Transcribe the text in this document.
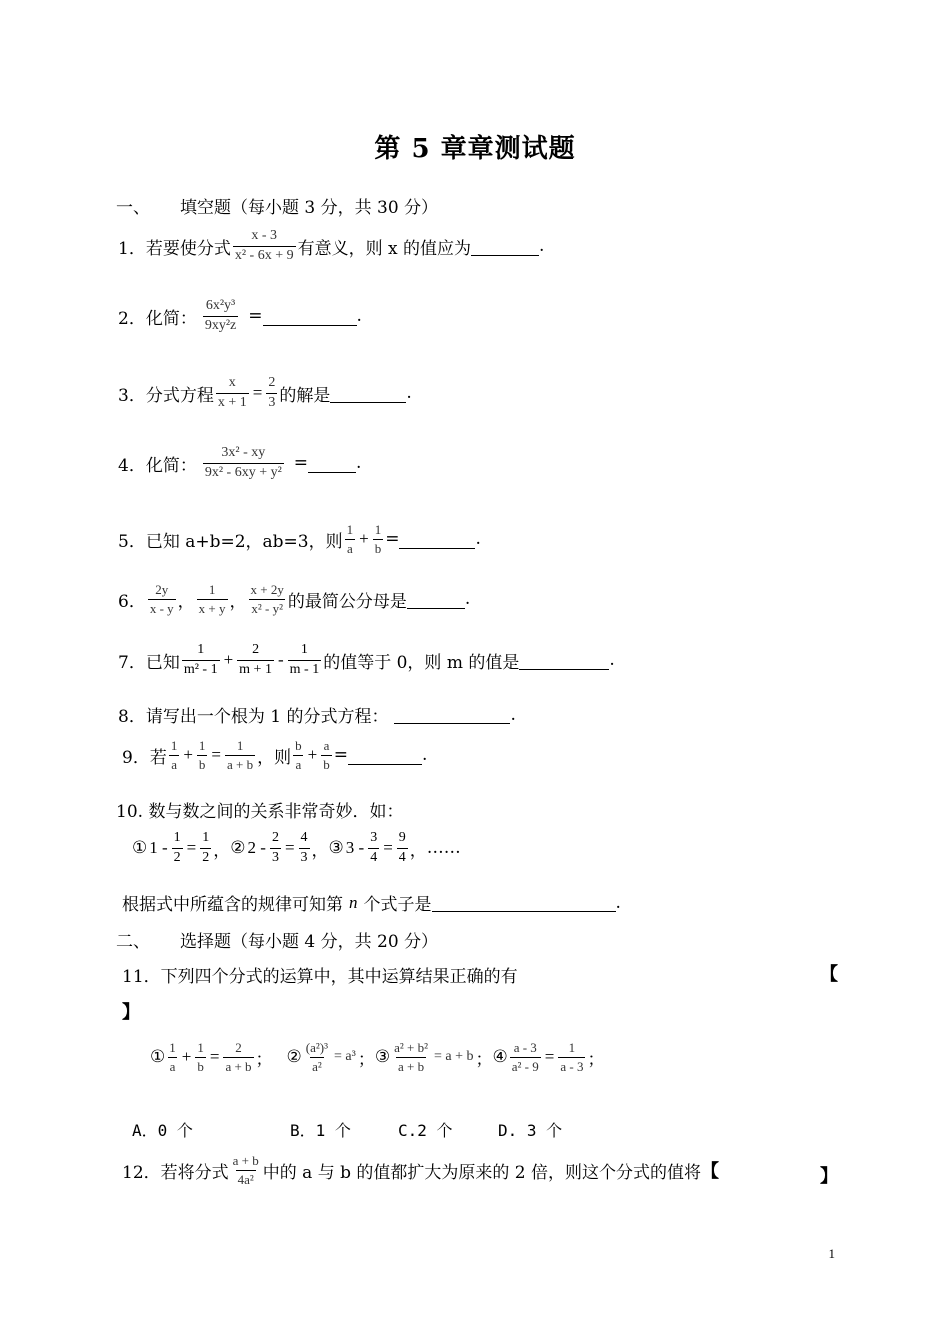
第 5 章章测试题
一、 填空题（每小题 3 分，共 30 分）
1．若要使分式 $\frac{x - 3}{\text{x² - 6x + 9}}$ 有意义，则 x 的值应为	.
2．化简： $\frac{\text{6x²y³}}{\text{9xy²z}}$ =	.
3．分式方程 $\frac{x}{x + 1} = \frac{2}{3}$ 的解是	.
4．化简： $\frac{\text{3x² - xy}}{\text{9x² - 6xy + y²}}$ =	.
5．已知 a+b=2，ab=3，则 $\frac{1}{a} + \frac{1}{b}$ =	.
6． $\frac{2y}{x - y}$ ， $\frac{1}{x + y}$ ， $\frac{x + 2y}{\text{x² - y²}}$ 的最简公分母是	.
7．已知 $\frac{1}{\text{m² - 1}} + \frac{2}{m + 1} - \frac{1}{m - 1}$ 的值等于 0，则 m 的值是	.
8．请写出一个根为 1 的分式方程：	.
9．若 $\frac{1}{a} + \frac{1}{b} = \frac{1}{a + b}$ ，则 $\frac{b}{a} + \frac{a}{b}$ =	.
10. 数与数之间的关系非常奇妙．如：
① $1 - \frac{1}{2} = \frac{1}{2}$ ， ② $2 - \frac{2}{3} = \frac{4}{3}$ ， ③ $3 - \frac{3}{4} = \frac{9}{4}$ ， ……
根据式中所蕴含的规律可知第 n 个式子是	.
二、 选择题（每小题 4 分，共 20 分）
11．下列四个分式的运算中，其中运算结果正确的有	【
】
① $\frac{1}{a} + \frac{1}{b} = \frac{2}{a + b}$ ； ② $\frac{\text{(a²)³}}{\text{a²}} = a^3$ ； ③ $\frac{\text{a² + b²}}{a + b} = a + b$ ； ④ $\frac{a - 3}{\text{a² - 9}} = \frac{1}{a - 3}$ ；
A．0 个	B．1 个	C.2 个	D. 3 个
12．若将分式 $\frac{a + b}{\text{4a²}}$ 中的 a 与 b 的值都扩大为原来的 2 倍，则这个分式的值将 【	】
1
